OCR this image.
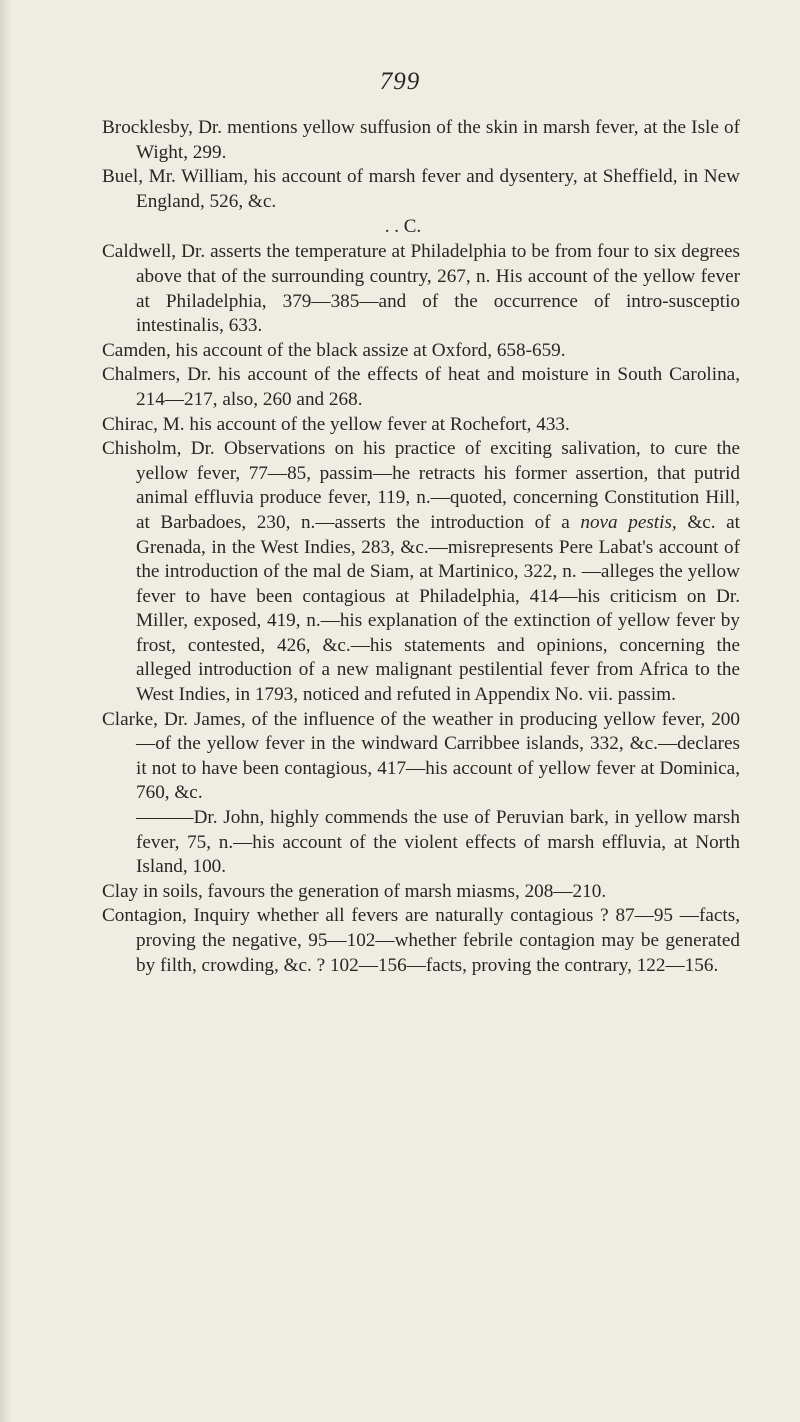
799

Brocklesby, Dr. mentions yellow suffusion of the skin in marsh fever, at the Isle of Wight, 299.

Buel, Mr. William, his account of marsh fever and dysentery, at Sheffield, in New England, 526, &c.

. . C.

Caldwell, Dr. asserts the temperature at Philadelphia to be from four to six degrees above that of the surrounding country, 267, n. His account of the yellow fever at Philadelphia, 379—385—and of the occurrence of intro-susceptio intestinalis, 633.

Camden, his account of the black assize at Oxford, 658-659.

Chalmers, Dr. his account of the effects of heat and moisture in South Carolina, 214—217, also, 260 and 268.

Chirac, M. his account of the yellow fever at Rochefort, 433.

Chisholm, Dr. Observations on his practice of exciting salivation, to cure the yellow fever, 77—85, passim—he retracts his former assertion, that putrid animal effluvia produce fever, 119, n.—quoted, concerning Constitution Hill, at Barbadoes, 230, n.—asserts the introduction of a nova pestis, &c. at Grenada, in the West Indies, 283, &c.—misrepresents Pere Labat's account of the introduction of the mal de Siam, at Martinico, 322, n. —alleges the yellow fever to have been contagious at Philadelphia, 414—his criticism on Dr. Miller, exposed, 419, n.—his explanation of the extinction of yellow fever by frost, contested, 426, &c.—his statements and opinions, concerning the alleged introduction of a new malignant pestilential fever from Africa to the West Indies, in 1793, noticed and refuted in Appendix No. vii. passim.

Clarke, Dr. James, of the influence of the weather in producing yellow fever, 200—of the yellow fever in the windward Carribbee islands, 332, &c.—declares it not to have been contagious, 417—his account of yellow fever at Dominica, 760, &c.

———Dr. John, highly commends the use of Peruvian bark, in yellow marsh fever, 75, n.—his account of the violent effects of marsh effluvia, at North Island, 100.

Clay in soils, favours the generation of marsh miasms, 208—210.

Contagion, Inquiry whether all fevers are naturally contagious ? 87—95 —facts, proving the negative, 95—102—whether febrile contagion may be generated by filth, crowding, &c. ? 102—156—facts, proving the contrary, 122—156.
